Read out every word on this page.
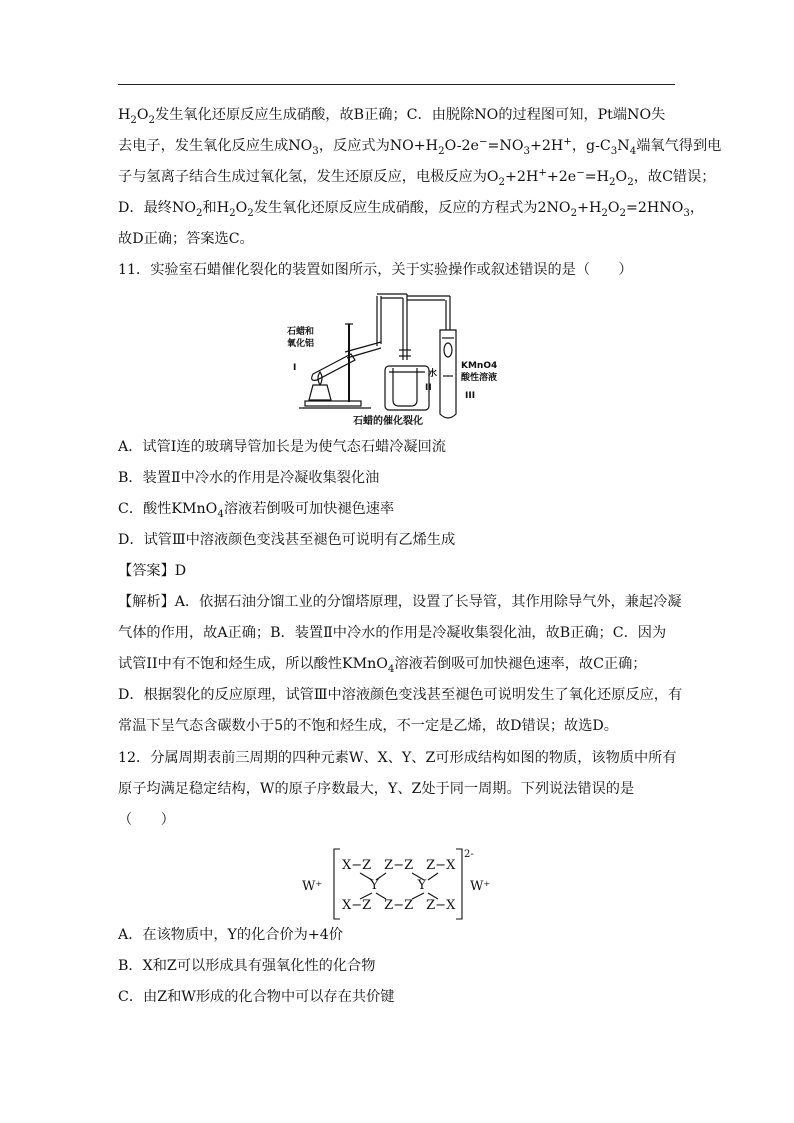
$H_2O_2$发生氧化还原反应生成硝酸，故B正确；C．由脱除NO的过程图可知，Pt端NO失
去电子，发生氧化反应生成$NO_3$，反应式为$NO+H_2O-2e^-=NO_3+2H^+$，$g-C_3N_4$端氧气得到电
子与氢离子结合生成过氧化氢，发生还原反应，电极反应为$O_2+2H^++2e^-=H_2O_2$，故C错误；
D．最终$NO_2$和$H_2O_2$发生氧化还原反应生成硝酸，反应的方程式为$2NO_2+H_2O_2=2HNO_3$，
故D正确；答案选C。
11．实验室石蜡催化裂化的装置如图所示，关于实验操作或叙述错误的是（　　）
石蜡和
氧化铝
I
水
II
KMnO4
酸性溶液
III
石蜡的催化裂化
A．试管Ⅰ连的玻璃导管加长是为使气态石蜡冷凝回流
B．装置Ⅱ中冷水的作用是冷凝收集裂化油
C．酸性KMnO$_4$溶液若倒吸可加快褪色速率
D．试管Ⅲ中溶液颜色变浅甚至褪色可说明有乙烯生成
【答案】D
【解析】A．依据石油分馏工业的分馏塔原理，设置了长导管，其作用除导气外，兼起冷凝
气体的作用，故A正确；B．装置Ⅱ中冷水的作用是冷凝收集裂化油，故B正确；C．因为
试管II中有不饱和烃生成，所以酸性KMnO$_4$溶液若倒吸可加快褪色速率，故C正确；
D．根据裂化的反应原理，试管Ⅲ中溶液颜色变浅甚至褪色可说明发生了氧化还原反应，有
常温下呈气态含碳数小于5的不饱和烃生成，不一定是乙烯，故D错误；故选D。
12．分属周期表前三周期的四种元素W、X、Y、Z可形成结构如图的物质，该物质中所有
原子均满足稳定结构，W的原子序数最大，Y、Z处于同一周期。下列说法错误的是
（　　）
W⁺
X−Z　Z−Z　Z−X
Y　　　Y
X−Z　Z−Z　Z−X
2-
W⁺
A．在该物质中，Y的化合价为+4价
B．X和Z可以形成具有强氧化性的化合物
C．由Z和W形成的化合物中可以存在共价键
